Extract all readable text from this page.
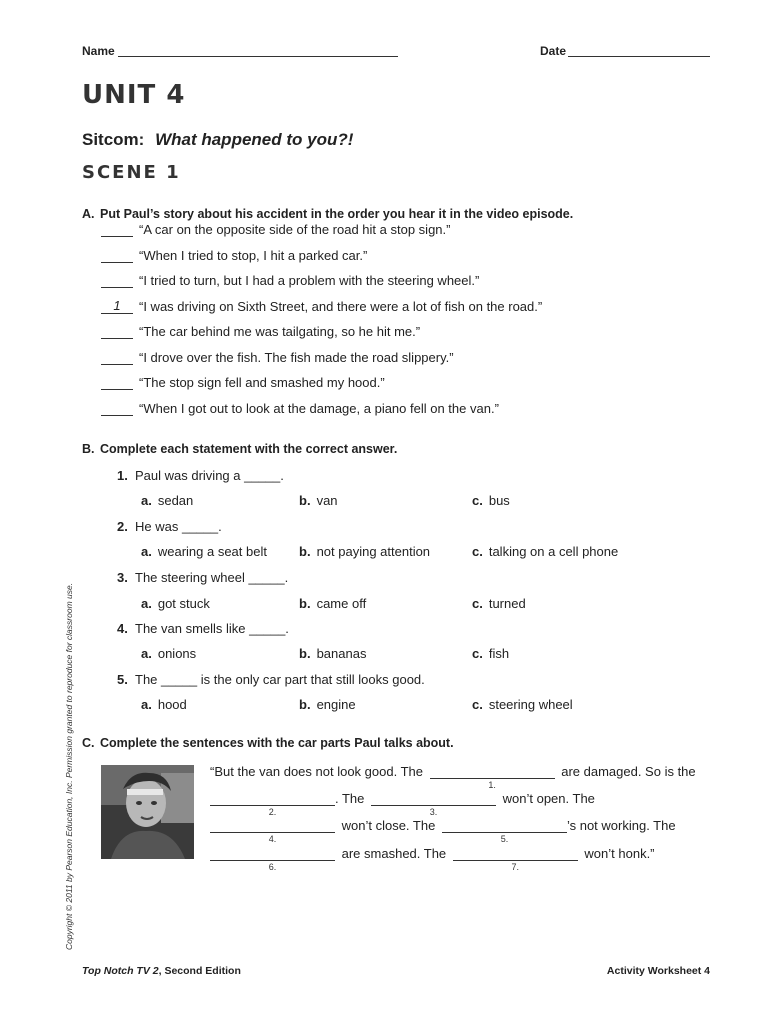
Name	Date
UNIT 4
Sitcom: What happened to you?!
SCENE 1
A. Put Paul’s story about his accident in the order you hear it in the video episode.
“A car on the opposite side of the road hit a stop sign.”
“When I tried to stop, I hit a parked car.”
“I tried to turn, but I had a problem with the steering wheel.”
1 “I was driving on Sixth Street, and there were a lot of fish on the road.”
“The car behind me was tailgating, so he hit me.”
“I drove over the fish. The fish made the road slippery.”
“The stop sign fell and smashed my hood.”
“When I got out to look at the damage, a piano fell on the van.”
B. Complete each statement with the correct answer.
1. Paul was driving a _____.
a. sedan	b. van	c. bus
2. He was _____.
a. wearing a seat belt b. not paying attention	c. talking on a cell phone
3. The steering wheel _____.
a. got stuck	b. came off	c. turned
4. The van smells like _____.
a. onions	b. bananas	c. fish
5. The _____ is the only car part that still looks good.
a. hood	b. engine	c. steering wheel
C. Complete the sentences with the car parts Paul talks about.
“But the van does not look good. The
1.
are damaged. So is the
2.
. The
3.
won’t open. The
4.
won’t close. The
5.
’s not working. The
6.
are smashed. The
7.
won’t honk.”
Copyright © 2011 by Pearson Education, Inc. Permission granted to reproduce for classroom use.
Top Notch TV 2, Second Edition	Activity Worksheet 4
